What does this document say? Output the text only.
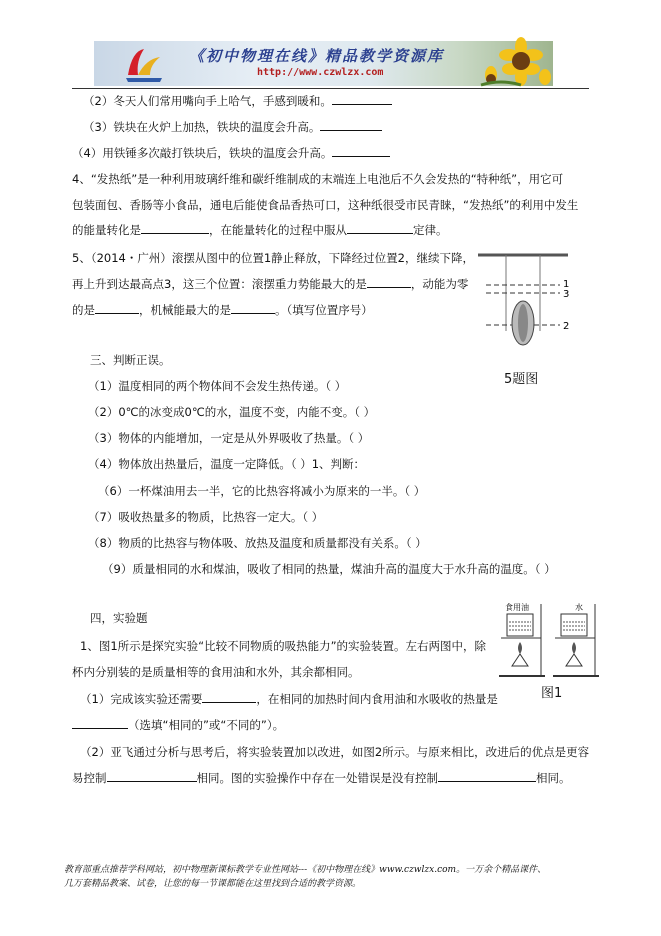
《初中物理在线》精品教学资源库
http://www.czwlzx.com
（2）冬天人们常用嘴向手上哈气，手感到暖和。
（3）铁块在火炉上加热，铁块的温度会升高。
（4）用铁锤多次敲打铁块后，铁块的温度会升高。
4、“发热纸”是一种利用玻璃纤维和碳纤维制成的末端连上电池后不久会发热的“特种纸”，用它可
包装面包、香肠等小食品，通电后能使食品香热可口，这种纸很受市民青睐，“发热纸”的利用中发生
的能量转化是	，在能量转化的过程中服从	定律。
5、（2014・广州）滚摆从图中的位置1静止释放，下降经过位置2，继续下降，
再上升到达最高点3，这三个位置：滚摆重力势能最大的是	，动能为零
的是	，机械能最大的是	。（填写位置序号）
1
3
2
5题图
三、判断正误。
（1）温度相同的两个物体间不会发生热传递。（ ）
（2）0℃的冰变成0℃的水，温度不变，内能不变。（ ）
（3）物体的内能增加，一定是从外界吸收了热量。（ ）
（4）物体放出热量后，温度一定降低。（ ）1、判断：
（6）一杯煤油用去一半，它的比热容将减小为原来的一半。（ ）
（7）吸收热量多的物质，比热容一定大。（ ）
（8）物质的比热容与物体吸、放热及温度和质量都没有关系。（ ）
（9）质量相同的水和煤油，吸收了相同的热量，煤油升高的温度大于水升高的温度。（ ）
四，实验题
食用油	水
图1
1、图1所示是探究实验“比较不同物质的吸热能力”的实验装置。左右两图中，除
杯内分别装的是质量相等的食用油和水外，其余都相同。
（1）完成该实验还需要	，在相同的加热时间内食用油和水吸收的热量是
（选填“相同的”或“不同的”）。
（2）亚飞通过分析与思考后，将实验装置加以改进，如图2所示。与原来相比，改进后的优点是更容
易控制	相同。图的实验操作中存在一处错误是没有控制	相同。
教育部重点推荐学科网站，初中物理新课标教学专业性网站---《初中物理在线》www.czwlzx.com。一万余个精品课件、
几万套精品教案、试卷，让您的每一节课都能在这里找到合适的教学资源。
